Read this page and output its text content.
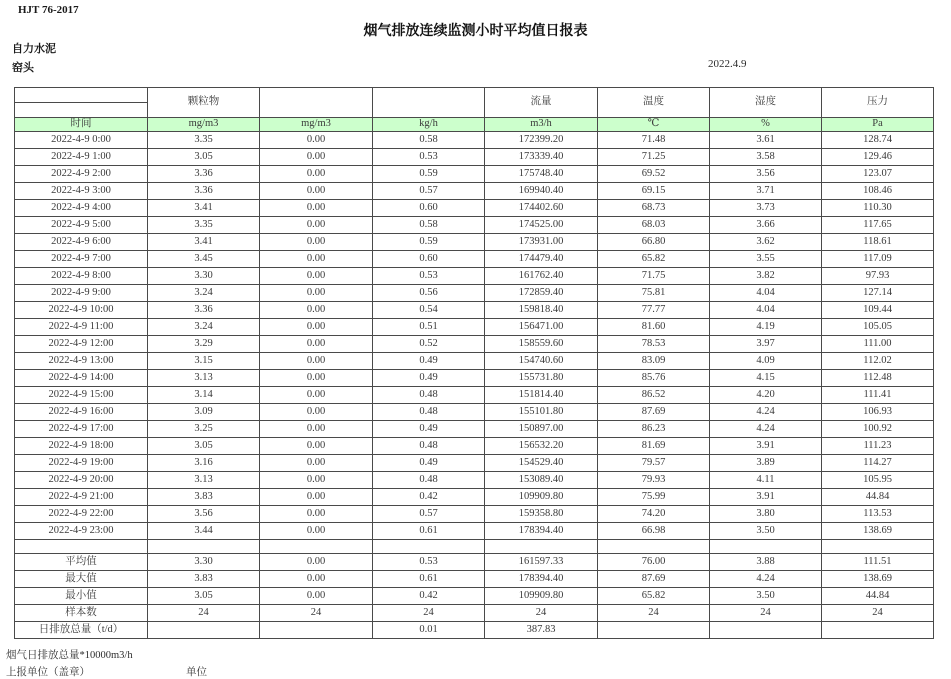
HJT 76-2017
烟气排放连续监测小时平均值日报表
自力水泥
窑头	2022.4.9
	颗粒物			流量	温度	湿度	压力

时间	mg/m3	mg/m3	kg/h	m3/h	℃	%	Pa
2022-4-9 0:00	3.35	0.00	0.58	172399.20	71.48	3.61	128.74
2022-4-9 1:00	3.05	0.00	0.53	173339.40	71.25	3.58	129.46
2022-4-9 2:00	3.36	0.00	0.59	175748.40	69.52	3.56	123.07
2022-4-9 3:00	3.36	0.00	0.57	169940.40	69.15	3.71	108.46
2022-4-9 4:00	3.41	0.00	0.60	174402.60	68.73	3.73	110.30
2022-4-9 5:00	3.35	0.00	0.58	174525.00	68.03	3.66	117.65
2022-4-9 6:00	3.41	0.00	0.59	173931.00	66.80	3.62	118.61
2022-4-9 7:00	3.45	0.00	0.60	174479.40	65.82	3.55	117.09
2022-4-9 8:00	3.30	0.00	0.53	161762.40	71.75	3.82	97.93
2022-4-9 9:00	3.24	0.00	0.56	172859.40	75.81	4.04	127.14
2022-4-9 10:00	3.36	0.00	0.54	159818.40	77.77	4.04	109.44
2022-4-9 11:00	3.24	0.00	0.51	156471.00	81.60	4.19	105.05
2022-4-9 12:00	3.29	0.00	0.52	158559.60	78.53	3.97	111.00
2022-4-9 13:00	3.15	0.00	0.49	154740.60	83.09	4.09	112.02
2022-4-9 14:00	3.13	0.00	0.49	155731.80	85.76	4.15	112.48
2022-4-9 15:00	3.14	0.00	0.48	151814.40	86.52	4.20	111.41
2022-4-9 16:00	3.09	0.00	0.48	155101.80	87.69	4.24	106.93
2022-4-9 17:00	3.25	0.00	0.49	150897.00	86.23	4.24	100.92
2022-4-9 18:00	3.05	0.00	0.48	156532.20	81.69	3.91	111.23
2022-4-9 19:00	3.16	0.00	0.49	154529.40	79.57	3.89	114.27
2022-4-9 20:00	3.13	0.00	0.48	153089.40	79.93	4.11	105.95
2022-4-9 21:00	3.83	0.00	0.42	109909.80	75.99	3.91	44.84
2022-4-9 22:00	3.56	0.00	0.57	159358.80	74.20	3.80	113.53
2022-4-9 23:00	3.44	0.00	0.61	178394.40	66.98	3.50	138.69

平均值	3.30	0.00	0.53	161597.33	76.00	3.88	111.51
最大值	3.83	0.00	0.61	178394.40	87.69	4.24	138.69
最小值	3.05	0.00	0.42	109909.80	65.82	3.50	44.84
样本数	24	24	24	24	24	24	24
日排放总量（t/d）			0.01	387.83			
烟气日排放总量*10000m3/h
上报单位（盖章）	单位
